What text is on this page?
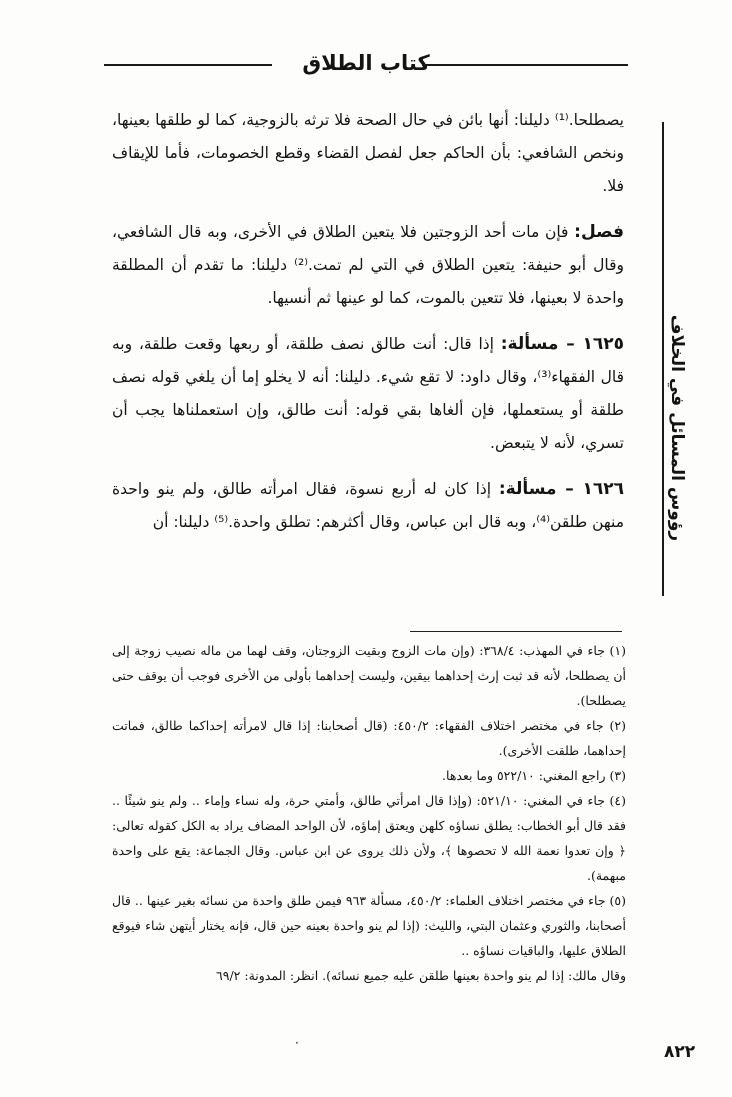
كتاب الطلاق
رؤوس المسائل في الخلاف

يصطلحا.⁽¹⁾ دليلنا: أنها بائن في حال الصحة فلا ترثه بالزوجية، كما لو طلقها بعينها، ونخص الشافعي: بأن الحاكم جعل لفصل القضاء وقطع الخصومات، فأما للإيقاف فلا.

فصل: فإن مات أحد الزوجتين فلا يتعين الطلاق في الأخرى، وبه قال الشافعي، وقال أبو حنيفة: يتعين الطلاق في التي لم تمت.⁽²⁾ دليلنا: ما تقدم أن المطلقة واحدة لا بعينها، فلا تتعين بالموت، كما لو عينها ثم أنسيها.

١٦٢٥ – مسألة: إذا قال: أنت طالق نصف طلقة، أو ربعها وقعت طلقة، وبه قال الفقهاء⁽³⁾، وقال داود: لا تقع شيء. دليلنا: أنه لا يخلو إما أن يلغي قوله نصف طلقة أو يستعملها، فإن ألغاها بقي قوله: أنت طالق، وإن استعملناها يجب أن تسري، لأنه لا يتبعض.

١٦٢٦ – مسألة: إذا كان له أربع نسوة، فقال امرأته طالق، ولم ينو واحدة منهن طلقن⁽⁴⁾، وبه قال ابن عباس، وقال أكثرهم: تطلق واحدة.⁽⁵⁾ دليلنا: أن

(١) جاء في المهذب: ٣٦٨/٤: (وإن مات الزوج وبقيت الزوجتان، وقف لهما من ماله نصيب زوجة إلى أن يصطلحا، لأنه قد ثبت إرث إحداهما بيقين، وليست إحداهما بأولى من الأخرى فوجب أن يوقف حتى يصطلحا).

(٢) جاء في مختصر اختلاف الفقهاء: ٤٥٠/٢: (قال أصحابنا: إذا قال لامرأته إحداكما طالق، فماتت إحداهما، طلقت الأخرى).

(٣) راجع المغني: ٥٢٢/١٠ وما بعدها.

(٤) جاء في المغني: ٥٢١/١٠: (وإذا قال امرأتي طالق، وأمتي حرة، وله نساء وإماء .. ولم ينو شيئًا .. فقد قال أبو الخطاب: يطلق نساؤه كلهن ويعتق إماؤه، لأن الواحد المضاف يراد به الكل كقوله تعالى: ﴿ وإن تعدوا نعمة الله لا تحصوها ﴾، ولأن ذلك يروى عن ابن عباس. وقال الجماعة: يقع على واحدة مبهمة).

(٥) جاء في مختصر اختلاف العلماء: ٤٥٠/٢، مسألة ٩٦٣ فيمن طلق واحدة من نسائه بغير عينها .. قال أصحابنا، والثوري وعثمان البتي، والليث: (إذا لم ينو واحدة بعينه حين قال، فإنه يختار أيتهن شاء فيوقع الطلاق عليها، والباقيات نساؤه ..

وقال مالك: إذا لم ينو واحدة بعينها طلقن عليه جميع نسائه). انظر: المدونة: ٦٩/٢

·	٨٢٢
